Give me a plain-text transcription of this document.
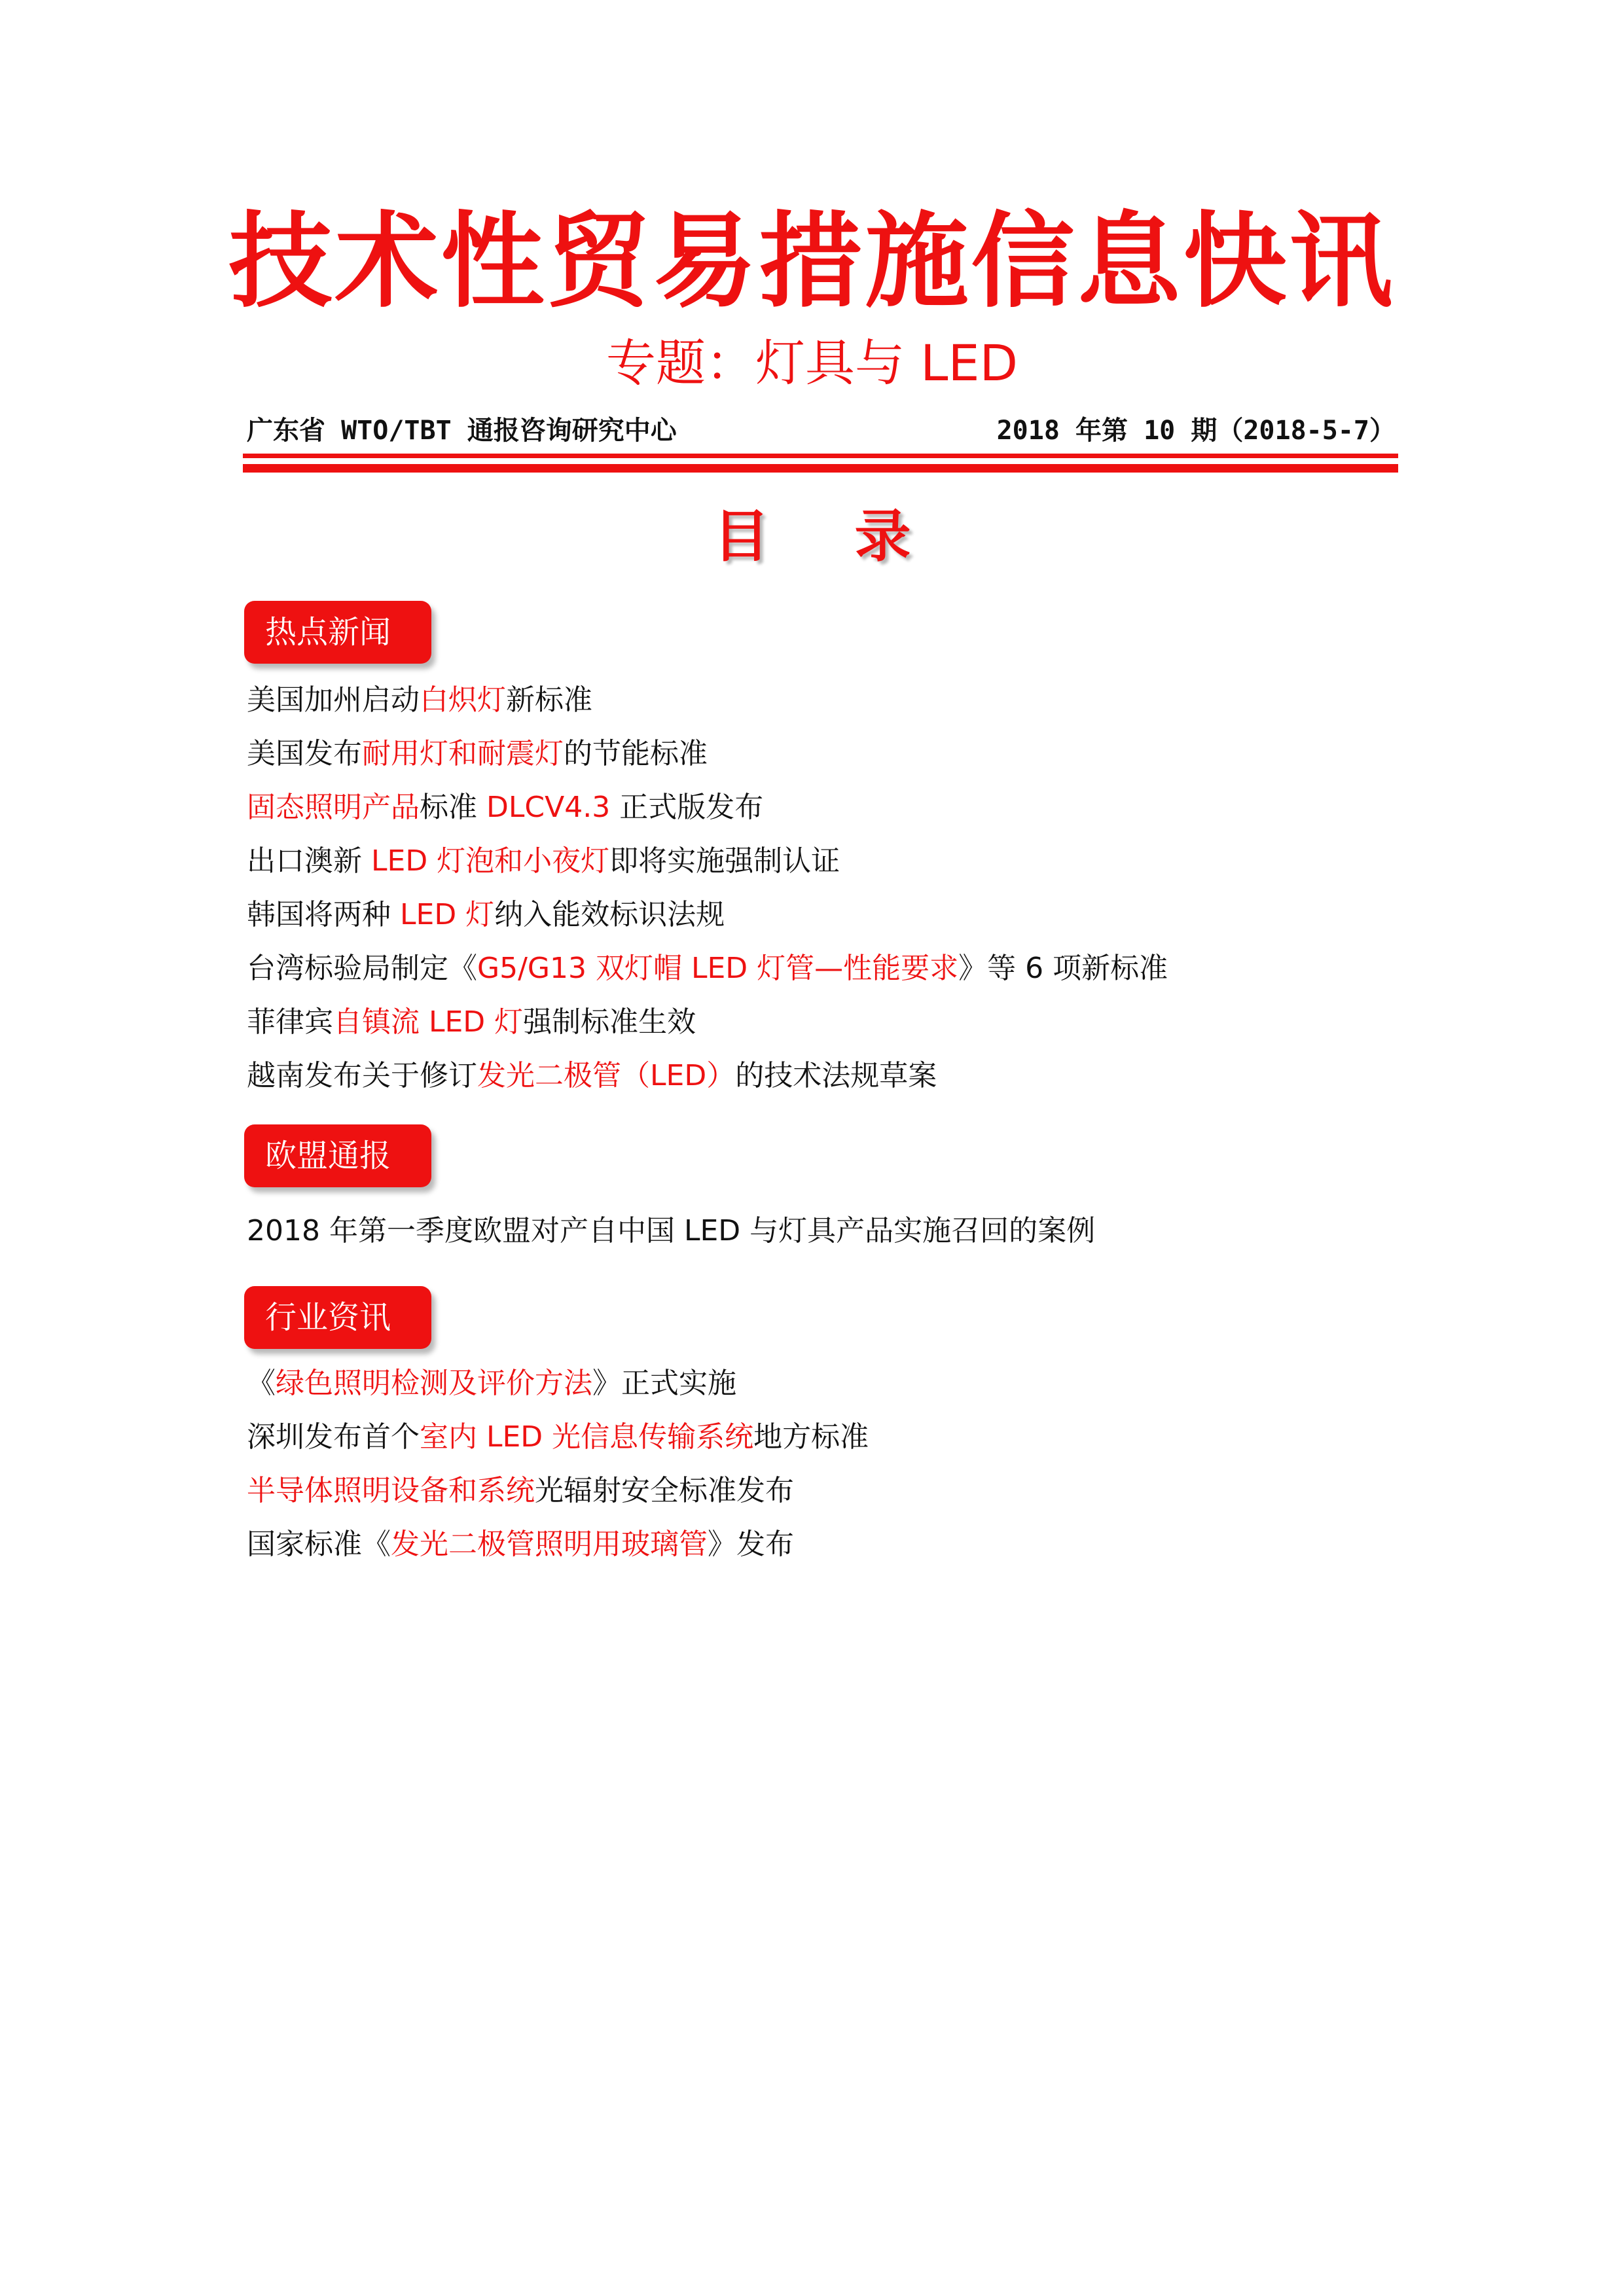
技术性贸易措施信息快讯
专题：灯具与 LED
广东省 WTO/TBT 通报咨询研究中心	2018 年第 10 期（2018-5-7）
目录
热点新闻
美国加州启动白炽灯新标准
美国发布耐用灯和耐震灯的节能标准
固态照明产品标准 DLCV4.3 正式版发布
出口澳新 LED 灯泡和小夜灯即将实施强制认证
韩国将两种 LED 灯纳入能效标识法规
台湾标验局制定《G5/G13 双灯帽 LED 灯管—性能要求》等 6 项新标准
菲律宾自镇流 LED 灯强制标准生效
越南发布关于修订发光二极管（LED）的技术法规草案
欧盟通报
2018 年第一季度欧盟对产自中国 LED 与灯具产品实施召回的案例
行业资讯
《绿色照明检测及评价方法》正式实施
深圳发布首个室内 LED 光信息传输系统地方标准
半导体照明设备和系统光辐射安全标准发布
国家标准《发光二极管照明用玻璃管》发布
